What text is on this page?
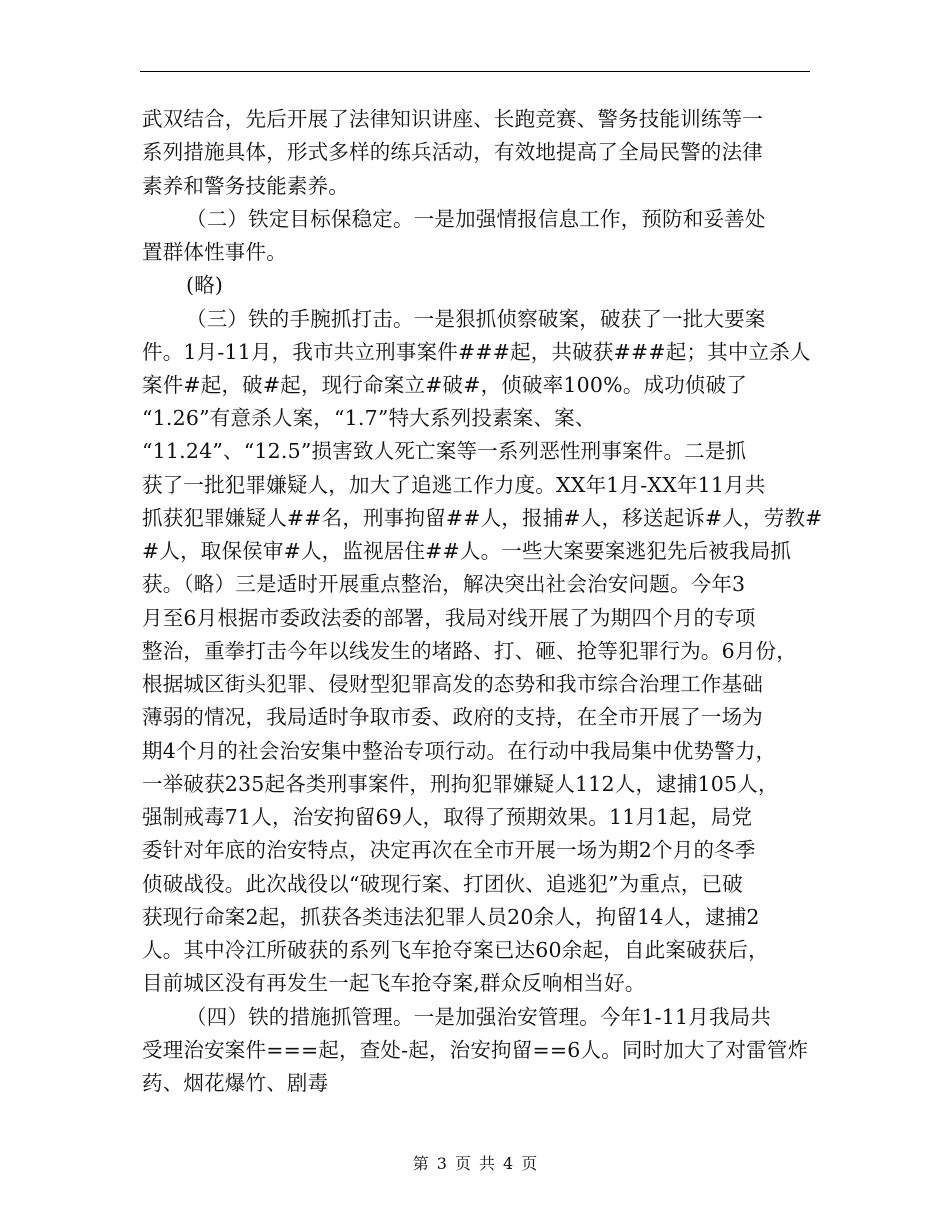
武双结合，先后开展了法律知识讲座、长跑竞赛、警务技能训练等一
系列措施具体，形式多样的练兵活动，有效地提高了全局民警的法律
素养和警务技能素养。
（二）铁定目标保稳定。一是加强情报信息工作，预防和妥善处
置群体性事件。
(略)
（三）铁的手腕抓打击。一是狠抓侦察破案，破获了一批大要案
件。1月-11月，我市共立刑事案件###起，共破获###起；其中立杀人
案件#起，破#起，现行命案立#破#，侦破率100%。成功侦破了
“1.26”有意杀人案，“1.7”特大系列投素案、案、
“11.24”、“12.5”损害致人死亡案等一系列恶性刑事案件。二是抓
获了一批犯罪嫌疑人，加大了追逃工作力度。XX年1月-XX年11月共
抓获犯罪嫌疑人##名，刑事拘留##人，报捕#人，移送起诉#人，劳教#
#人，取保侯审#人，监视居住##人。一些大案要案逃犯先后被我局抓
获。（略）三是适时开展重点整治，解决突出社会治安问题。今年3
月至6月根据市委政法委的部署，我局对线开展了为期四个月的专项
整治，重拳打击今年以线发生的堵路、打、砸、抢等犯罪行为。6月份，
根据城区街头犯罪、侵财型犯罪高发的态势和我市综合治理工作基础
薄弱的情况，我局适时争取市委、政府的支持，在全市开展了一场为
期4个月的社会治安集中整治专项行动。在行动中我局集中优势警力，
一举破获235起各类刑事案件，刑拘犯罪嫌疑人112人，逮捕105人，
强制戒毒71人，治安拘留69人，取得了预期效果。11月1起，局党
委针对年底的治安特点，决定再次在全市开展一场为期2个月的冬季
侦破战役。此次战役以“破现行案、打团伙、追逃犯”为重点，已破
获现行命案2起，抓获各类违法犯罪人员20余人，拘留14人，逮捕2
人。其中冷江所破获的系列飞车抢夺案已达60余起，自此案破获后，
目前城区没有再发生一起飞车抢夺案,群众反响相当好。
（四）铁的措施抓管理。一是加强治安管理。今年1-11月我局共
受理治安案件===起，查处-起，治安拘留==6人。同时加大了对雷管炸
药、烟花爆竹、剧毒
第 3 页 共 4 页
